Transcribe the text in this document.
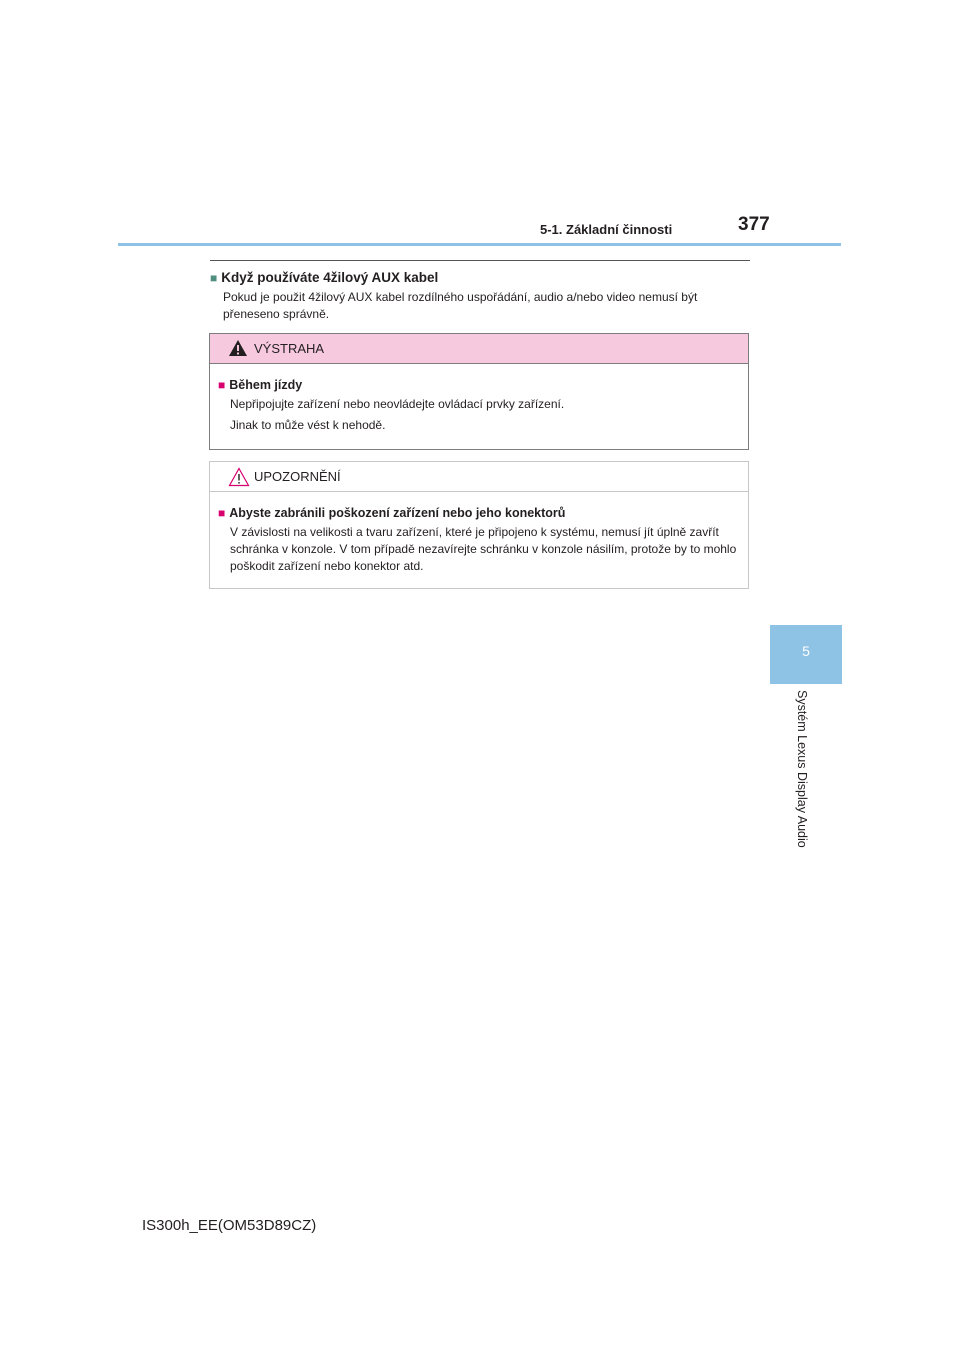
5-1. Základní činnosti	377
5
Systém Lexus Display Audio
■ Když používáte 4žilový AUX kabel
Pokud je použit 4žilový AUX kabel rozdílného uspořádání, audio a/nebo video nemusí být přeneseno správně.
VÝSTRAHA
■ Během jízdy
Nepřipojujte zařízení nebo neovládejte ovládací prvky zařízení.
Jinak to může vést k nehodě.
UPOZORNĚNÍ
■ Abyste zabránili poškození zařízení nebo jeho konektorů
V závislosti na velikosti a tvaru zařízení, které je připojeno k systému, nemusí jít úplně zavřít schránka v konzole. V tom případě nezavírejte schránku v konzole násilím, protože by to mohlo poškodit zařízení nebo konektor atd.
IS300h_EE(OM53D89CZ)
